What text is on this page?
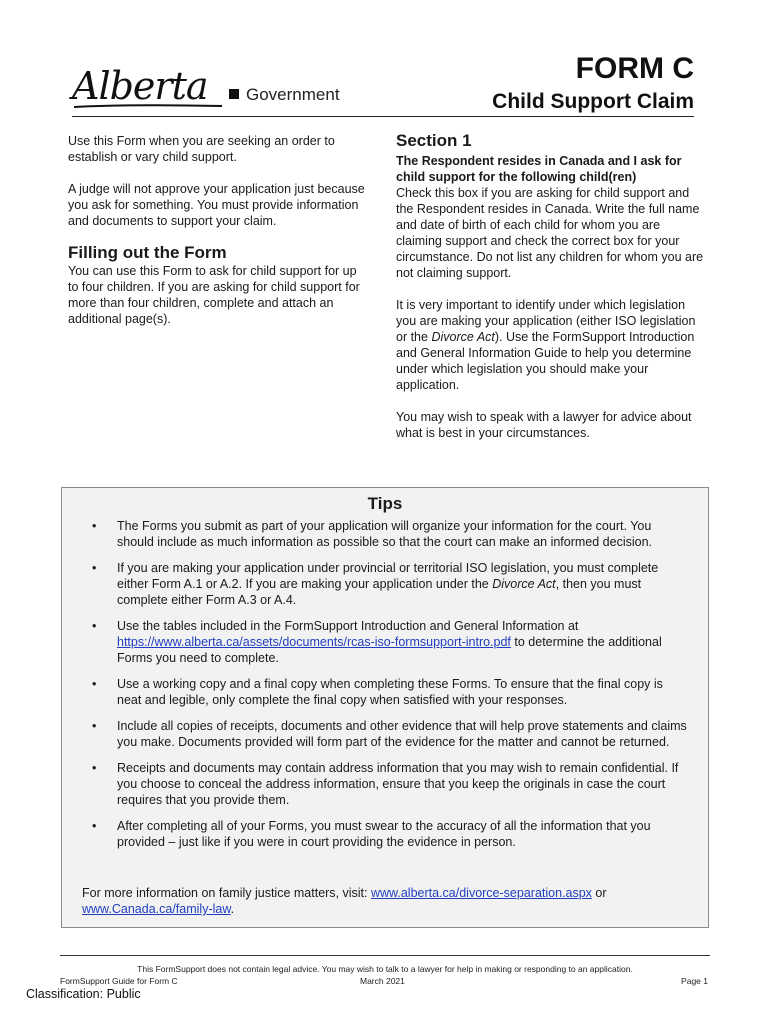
Alberta Government
FORM C
Child Support Claim

Use this Form when you are seeking an order to establish or vary child support.

A judge will not approve your application just because you ask for something. You must provide information and documents to support your claim.

Filling out the Form

You can use this Form to ask for child support for up to four children. If you are asking for child support for more than four children, complete and attach an additional page(s).

Section 1

The Respondent resides in Canada and I ask for child support for the following child(ren)
Check this box if you are asking for child support and the Respondent resides in Canada. Write the full name and date of birth of each child for whom you are claiming support and check the correct box for your circumstance. Do not list any children for whom you are not claiming support.

It is very important to identify under which legislation you are making your application (either ISO legislation or the Divorce Act). Use the FormSupport Introduction and General Information Guide to help you determine under which legislation you should make your application.

You may wish to speak with a lawyer for advice about what is best in your circumstances.

Tips
• The Forms you submit as part of your application will organize your information for the court. You should include as much information as possible so that the court can make an informed decision.
• If you are making your application under provincial or territorial ISO legislation, you must complete either Form A.1 or A.2. If you are making your application under the Divorce Act, then you must complete either Form A.3 or A.4.
• Use the tables included in the FormSupport Introduction and General Information at https://www.alberta.ca/assets/documents/rcas-iso-formsupport-intro.pdf to determine the additional Forms you need to complete.
• Use a working copy and a final copy when completing these Forms. To ensure that the final copy is neat and legible, only complete the final copy when satisfied with your responses.
• Include all copies of receipts, documents and other evidence that will help prove statements and claims you make. Documents provided will form part of the evidence for the matter and cannot be returned.
• Receipts and documents may contain address information that you may wish to remain confidential. If you choose to conceal the address information, ensure that you keep the originals in case the court requires that you provide them.
• After completing all of your Forms, you must swear to the accuracy of all the information that you provided – just like if you were in court providing the evidence in person.
For more information on family justice matters, visit: www.alberta.ca/divorce-separation.aspx or www.Canada.ca/family-law.
This FormSupport does not contain legal advice. You may wish to talk to a lawyer for help in making or responding to an application.
FormSupport Guide for Form C	March 2021	Page 1
Classification: Public
